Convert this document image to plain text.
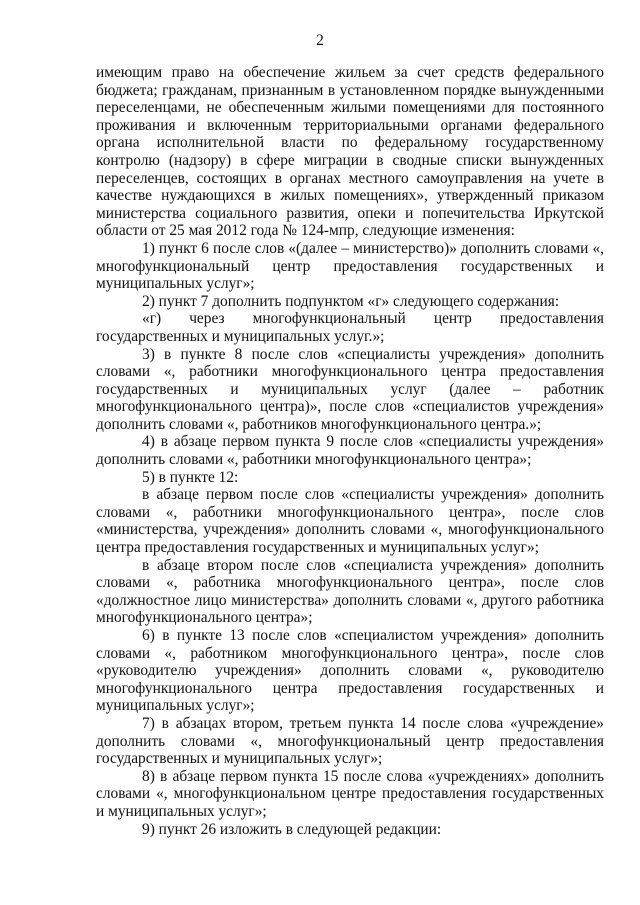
2

имеющим право на обеспечение жильем за счет средств федерального бюджета; гражданам, признанным в установленном порядке вынужденными переселенцами, не обеспеченным жилыми помещениями для постоянного проживания и включенным территориальными органами федерального органа исполнительной власти по федеральному государственному контролю (надзору) в сфере миграции в сводные списки вынужденных переселенцев, состоящих в органах местного самоуправления на учете в качестве нуждающихся в жилых помещениях», утвержденный приказом министерства социального развития, опеки и попечительства Иркутской области от 25 мая 2012 года № 124-мпр, следующие изменения:

1) пункт 6 после слов «(далее – министерство)» дополнить словами «, многофункциональный центр предоставления государственных и муниципальных услуг»;

2) пункт 7 дополнить подпунктом «г» следующего содержания:

«г) через многофункциональный центр предоставления государственных и муниципальных услуг.»;

3) в пункте 8 после слов «специалисты учреждения» дополнить словами «, работники многофункционального центра предоставления государственных и муниципальных услуг (далее – работник многофункционального центра)», после слов «специалистов учреждения» дополнить словами «, работников многофункционального центра.»;

4) в абзаце первом пункта 9 после слов «специалисты учреждения» дополнить словами «, работники многофункционального центра»;

5) в пункте 12:

в абзаце первом после слов «специалисты учреждения» дополнить словами «, работники многофункционального центра», после слов «министерства, учреждения» дополнить словами «, многофункционального центра предоставления государственных и муниципальных услуг»;

в абзаце втором после слов «специалиста учреждения» дополнить словами «, работника многофункционального центра», после слов «должностное лицо министерства» дополнить словами «, другого работника многофункционального центра»;

6) в пункте 13 после слов «специалистом учреждения» дополнить словами «, работником многофункционального центра», после слов «руководителю учреждения» дополнить словами «, руководителю многофункционального центра предоставления государственных и муниципальных услуг»;

7) в абзацах втором, третьем пункта 14 после слова «учреждение» дополнить словами «, многофункциональный центр предоставления государственных и муниципальных услуг»;

8) в абзаце первом пункта 15 после слова «учреждениях» дополнить словами «, многофункциональном центре предоставления государственных и муниципальных услуг»;

9) пункт 26 изложить в следующей редакции:
